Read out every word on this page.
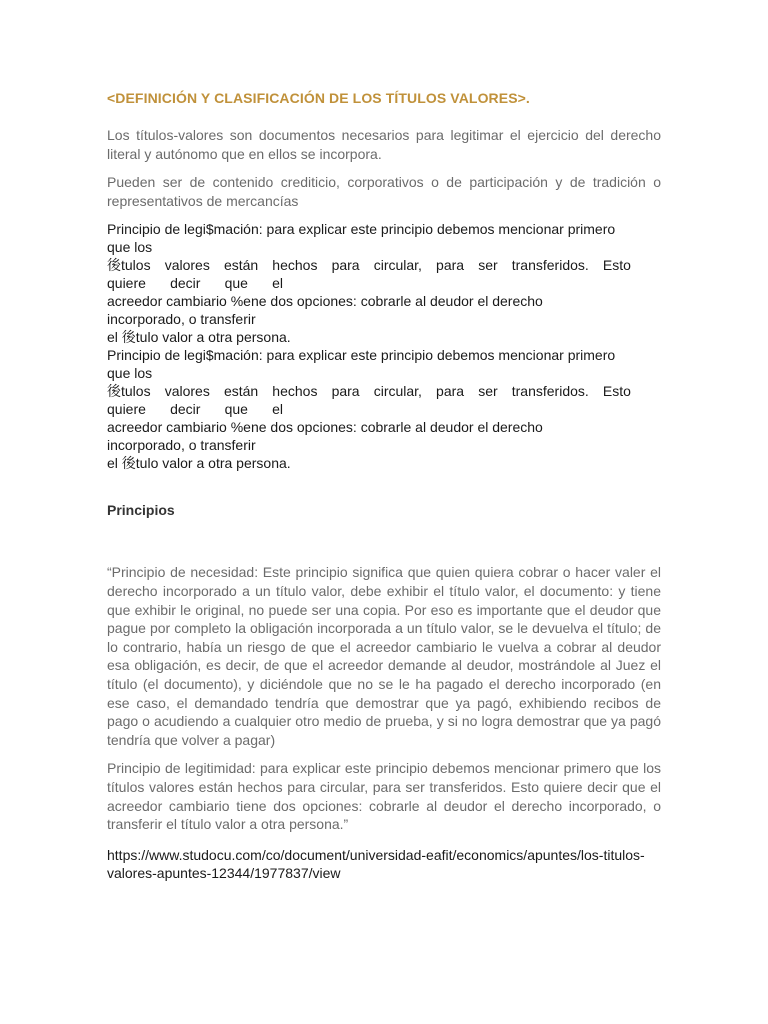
<DEFINICIÓN Y CLASIFICACIÓN DE LOS TÍTULOS VALORES>.

Los títulos-valores son documentos necesarios para legitimar el ejercicio del derecho literal y autónomo que en ellos se incorpora.

Pueden ser de contenido crediticio, corporativos o de participación y de tradición o representativos de mercancías

Principio de legi$mación: para explicar este principio debemos mencionar primero

que los

後tulos valores están hechos para circular, para ser transferidos. Esto
quiere decir que el

acreedor cambiario %ene dos opciones: cobrarle al deudor el derecho

incorporado, o transferir

el 後tulo valor a otra persona.

Principio de legi$mación: para explicar este principio debemos mencionar primero

que los

後tulos valores están hechos para circular, para ser transferidos. Esto
quiere decir que el

acreedor cambiario %ene dos opciones: cobrarle al deudor el derecho

incorporado, o transferir

el 後tulo valor a otra persona.

Principios

“Principio de necesidad: Este principio significa que quien quiera cobrar o hacer valer el derecho incorporado a un título valor, debe exhibir el título valor, el documento: y tiene que exhibir le original, no puede ser una copia. Por eso es importante que el deudor que pague por completo la obligación incorporada a un título valor, se le devuelva el título; de lo contrario, había un riesgo de que el acreedor cambiario le vuelva a cobrar al deudor esa obligación, es decir, de que el acreedor demande al deudor, mostrándole al Juez el título (el documento), y diciéndole que no se le ha pagado el derecho incorporado (en ese caso, el demandado tendría que demostrar que ya pagó, exhibiendo recibos de pago o acudiendo a cualquier otro medio de prueba, y si no logra demostrar que ya pagó tendría que volver a pagar)

Principio de legitimidad: para explicar este principio debemos mencionar primero que los títulos valores están hechos para circular, para ser transferidos. Esto quiere decir que el acreedor cambiario tiene dos opciones: cobrarle al deudor el derecho incorporado, o transferir el título valor a otra persona.”

https://www.studocu.com/co/document/universidad-eafit/economics/apuntes/los-titulos-valores-apuntes-12344/1977837/view
